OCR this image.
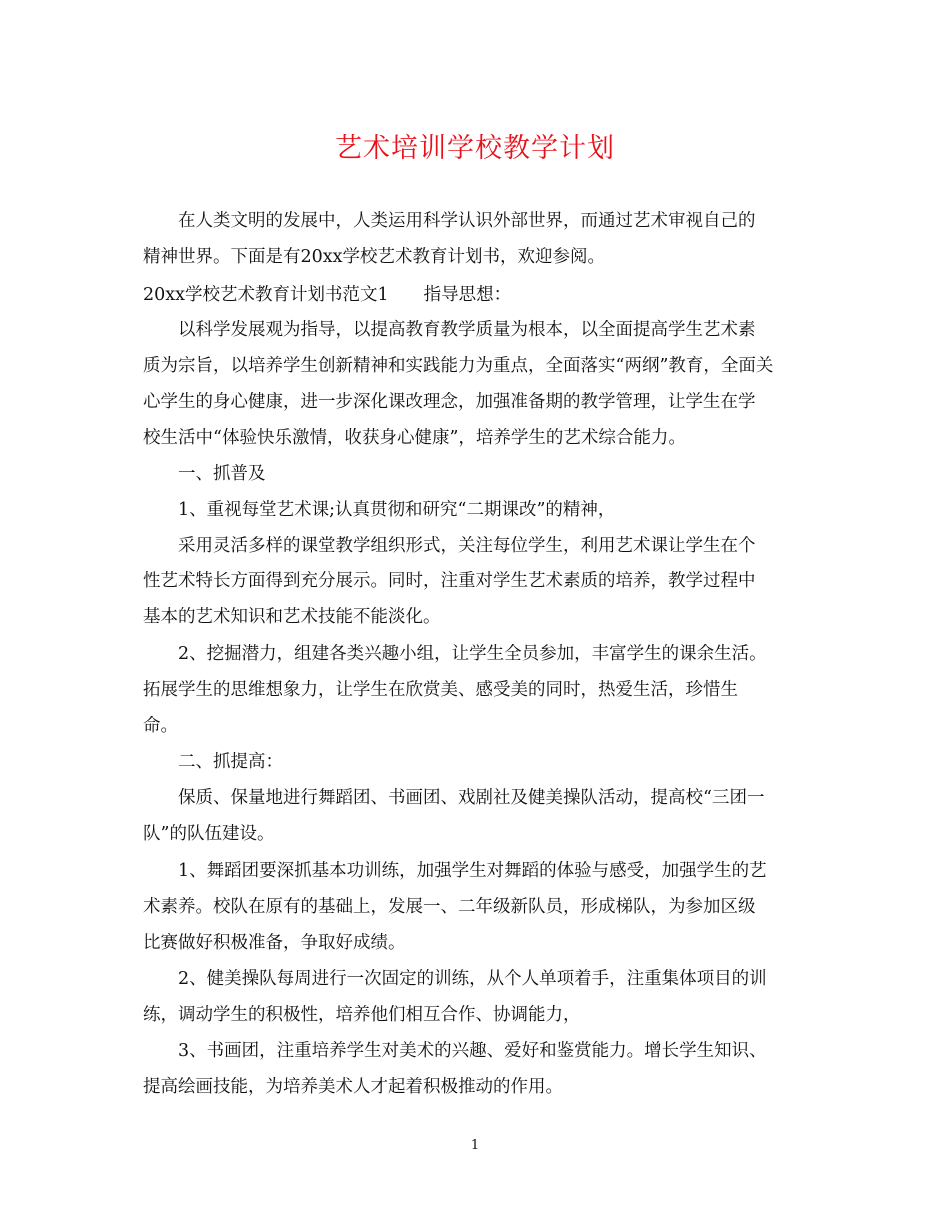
艺术培训学校教学计划
在人类文明的发展中，人类运用科学认识外部世界，而通过艺术审视自己的
精神世界。下面是有20xx学校艺术教育计划书，欢迎参阅。
20xx学校艺术教育计划书范文1　　指导思想：
以科学发展观为指导，以提高教育教学质量为根本，以全面提高学生艺术素
质为宗旨，以培养学生创新精神和实践能力为重点，全面落实“两纲”教育，全面关
心学生的身心健康，进一步深化课改理念，加强准备期的教学管理，让学生在学
校生活中“体验快乐激情，收获身心健康”，培养学生的艺术综合能力。
一、抓普及
1、重视每堂艺术课;认真贯彻和研究“二期课改”的精神，
采用灵活多样的课堂教学组织形式，关注每位学生，利用艺术课让学生在个
性艺术特长方面得到充分展示。同时，注重对学生艺术素质的培养，教学过程中
基本的艺术知识和艺术技能不能淡化。
2、挖掘潜力，组建各类兴趣小组，让学生全员参加，丰富学生的课余生活。
拓展学生的思维想象力，让学生在欣赏美、感受美的同时，热爱生活，珍惜生
命。
二、抓提高：
保质、保量地进行舞蹈团、书画团、戏剧社及健美操队活动，提高校“三团一
队”的队伍建设。
1、舞蹈团要深抓基本功训练，加强学生对舞蹈的体验与感受，加强学生的艺
术素养。校队在原有的基础上，发展一、二年级新队员，形成梯队，为参加区级
比赛做好积极准备，争取好成绩。
2、健美操队每周进行一次固定的训练，从个人单项着手，注重集体项目的训
练，调动学生的积极性，培养他们相互合作、协调能力，
3、书画团，注重培养学生对美术的兴趣、爱好和鉴赏能力。增长学生知识、
提高绘画技能，为培养美术人才起着积极推动的作用。
1
